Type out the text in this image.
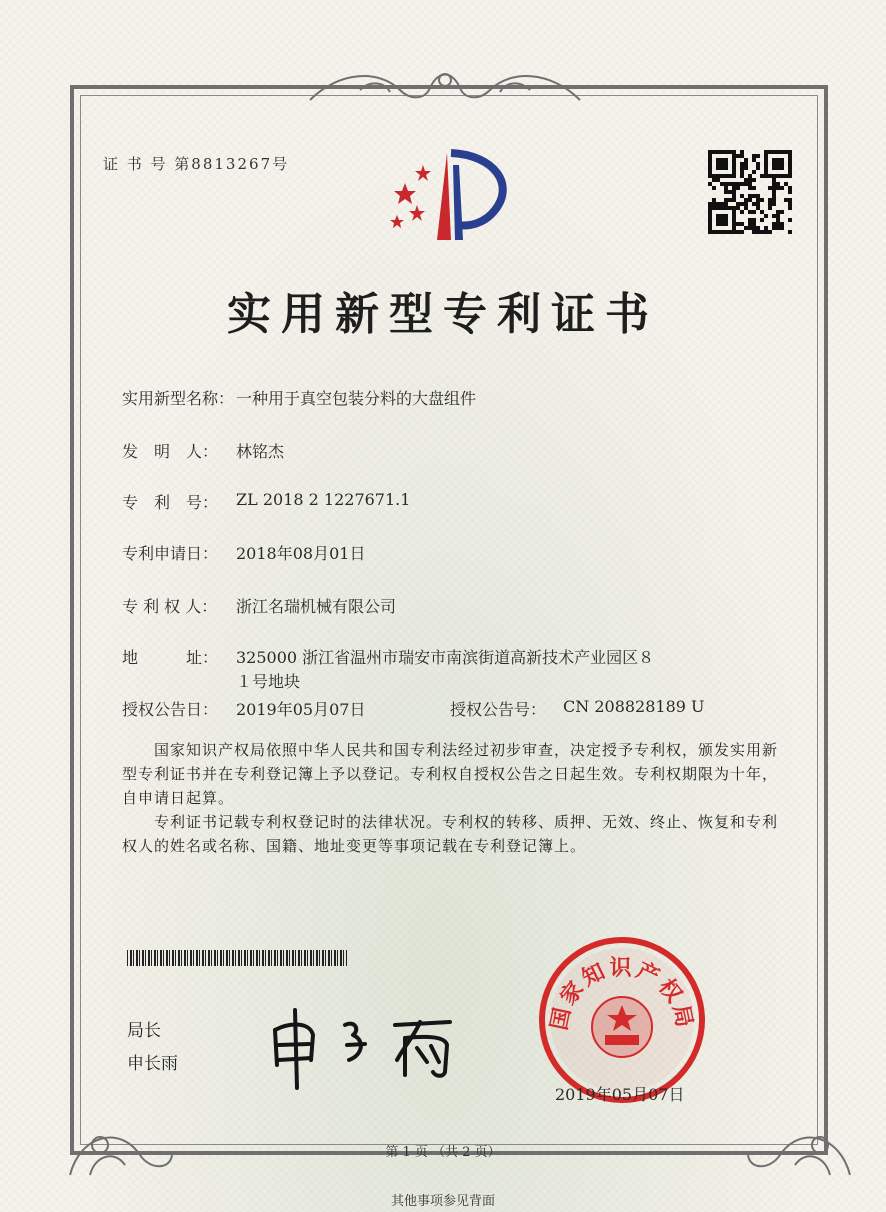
证 书 号 第8813267号
实用新型专利证书
实用新型名称： 一种用于真空包装分料的大盘组件
发　明　人： 林铭杰
专　利　号： ZL 2018 2 1227671.1
专利申请日： 2018年08月01日
专 利 权 人： 浙江名瑞机械有限公司
地　　　址： 325000 浙江省温州市瑞安市南滨街道高新技术产业园区８
１号地块
授权公告日： 2019年05月07日	授权公告号： CN 208828189 U
国家知识产权局依照中华人民共和国专利法经过初步审查，决定授予专利权，颁发实用新型专利证书并在专利登记簿上予以登记。专利权自授权公告之日起生效。专利权期限为十年，自申请日起算。
专利证书记载专利权登记时的法律状况。专利权的转移、质押、无效、终止、恢复和专利权人的姓名或名称、国籍、地址变更等事项记载在专利登记簿上。
局长
申长雨
国家知识产权局
2019年05月07日
第 1 页 （共 2 页）
其他事项参见背面
